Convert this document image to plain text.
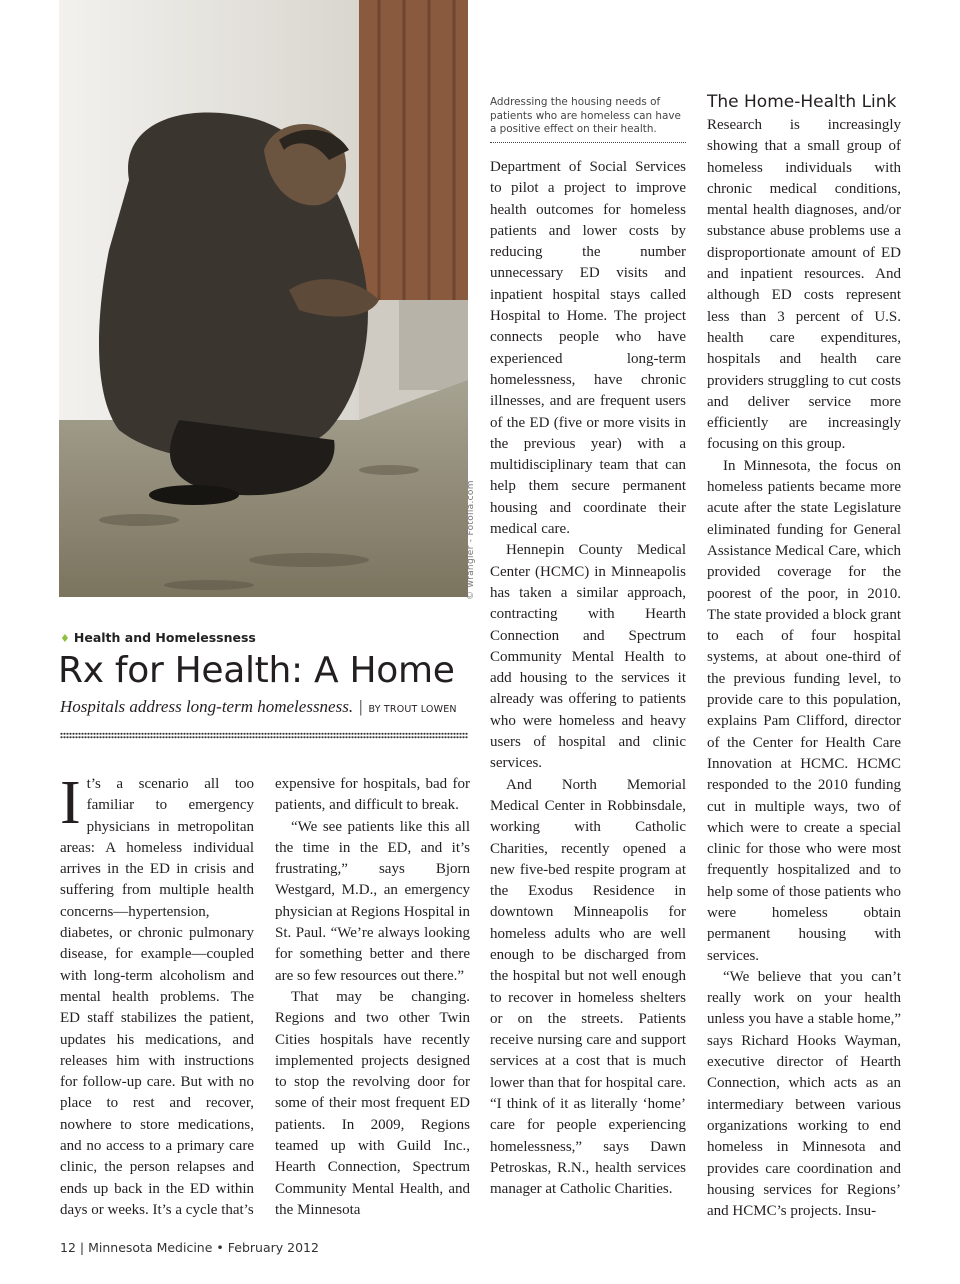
© wrangler - Fotolia.com
♦ Health and Homelessness
Rx for Health: A Home
Hospitals address long-term homelessness. | BY TROUT LOWEN
Addressing the housing needs of patients who are homeless can have a positive effect on their health.
The Home-Health Link

It’s a scenario all too familiar to emergency physicians in metropolitan areas: A homeless individual arrives in the ED in crisis and suffering from multiple health concerns—hypertension, diabetes, or chronic pulmonary disease, for example—coupled with long-term alcoholism and mental health problems. The ED staff stabilizes the patient, updates his medications, and releases him with instructions for follow-up care. But with no place to rest and recover, nowhere to store medications, and no access to a primary care clinic, the person relapses and ends up back in the ED within days or weeks. It’s a cycle that’s

expensive for hospitals, bad for patients, and difficult to break.

“We see patients like this all the time in the ED, and it’s frustrating,” says Bjorn Westgard, M.D., an emergency physician at Regions Hospital in St. Paul. “We’re always looking for something better and there are so few resources out there.”

That may be changing. Regions and two other Twin Cities hospitals have recently implemented projects designed to stop the revolving door for some of their most frequent ED patients. In 2009, Regions teamed up with Guild Inc., Hearth Connection, Spectrum Community Mental Health, and the Minnesota

Department of Social Services to pilot a project to improve health outcomes for homeless patients and lower costs by reducing the number unnecessary ED visits and inpatient hospital stays called Hospital to Home. The project connects people who have experienced long-term homelessness, have chronic illnesses, and are frequent users of the ED (five or more visits in the previous year) with a multidisciplinary team that can help them secure permanent housing and coordinate their medical care.

Hennepin County Medical Center (HCMC) in Minneapolis has taken a similar approach, contracting with Hearth Connection and Spectrum Community Mental Health to add housing to the services it already was offering to patients who were homeless and heavy users of hospital and clinic services.

And North Memorial Medical Center in Robbinsdale, working with Catholic Charities, recently opened a new five-bed respite program at the Exodus Residence in downtown Minneapolis for homeless adults who are well enough to be discharged from the hospital but not well enough to recover in homeless shelters or on the streets. Patients receive nursing care and support services at a cost that is much lower than that for hospital care. “I think of it as literally ‘home’ care for people experiencing homelessness,” says Dawn Petroskas, R.N., health services manager at Catholic Charities.

Research is increasingly showing that a small group of homeless individuals with chronic medical conditions, mental health diagnoses, and/or substance abuse problems use a disproportionate amount of ED and inpatient resources. And although ED costs represent less than 3 percent of U.S. health care expenditures, hospitals and health care providers struggling to cut costs and deliver service more efficiently are increasingly focusing on this group.

In Minnesota, the focus on homeless patients became more acute after the state Legislature eliminated funding for General Assistance Medical Care, which provided coverage for the poorest of the poor, in 2010. The state provided a block grant to each of four hospital systems, at about one-third of the previous funding level, to provide care to this population, explains Pam Clifford, director of the Center for Health Care Innovation at HCMC. HCMC responded to the 2010 funding cut in multiple ways, two of which were to create a special clinic for those who were most frequently hospitalized and to help some of those patients who were homeless obtain permanent housing with services.

“We believe that you can’t really work on your health unless you have a stable home,” says Richard Hooks Wayman, executive director of Hearth Connection, which acts as an intermediary between various organizations working to end homeless in Minnesota and provides care coordination and housing services for Regions’ and HCMC’s projects. Insu-

12 | Minnesota Medicine • February 2012
